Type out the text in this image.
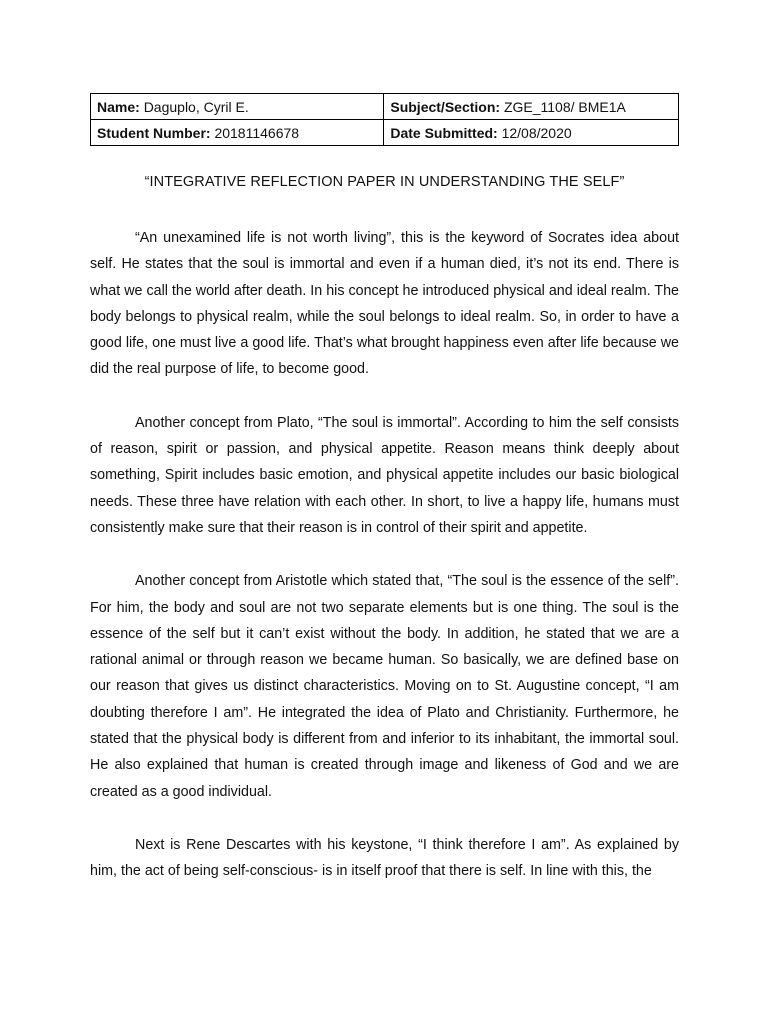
Name: Daguplo, Cyril E.	Subject/Section: ZGE_1108/ BME1A
Student Number: 20181146678	Date Submitted: 12/08/2020
“INTEGRATIVE REFLECTION PAPER IN UNDERSTANDING THE SELF”

“An unexamined life is not worth living”, this is the keyword of Socrates idea about self. He states that the soul is immortal and even if a human died, it’s not its end. There is what we call the world after death. In his concept he introduced physical and ideal realm. The body belongs to physical realm, while the soul belongs to ideal realm. So, in order to have a good life, one must live a good life. That’s what brought happiness even after life because we did the real purpose of life, to become good.

Another concept from Plato, “The soul is immortal”. According to him the self consists of reason, spirit or passion, and physical appetite. Reason means think deeply about something, Spirit includes basic emotion, and physical appetite includes our basic biological needs. These three have relation with each other. In short, to live a happy life, humans must consistently make sure that their reason is in control of their spirit and appetite.

Another concept from Aristotle which stated that, “The soul is the essence of the self”. For him, the body and soul are not two separate elements but is one thing. The soul is the essence of the self but it can’t exist without the body. In addition, he stated that we are a rational animal or through reason we became human. So basically, we are defined base on our reason that gives us distinct characteristics. Moving on to St. Augustine concept, “I am doubting therefore I am”. He integrated the idea of Plato and Christianity. Furthermore, he stated that the physical body is different from and inferior to its inhabitant, the immortal soul. He also explained that human is created through image and likeness of God and we are created as a good individual.

Next is Rene Descartes with his keystone, “I think therefore I am”. As explained by him, the act of being self-conscious- is in itself proof that there is self. In line with this, the
